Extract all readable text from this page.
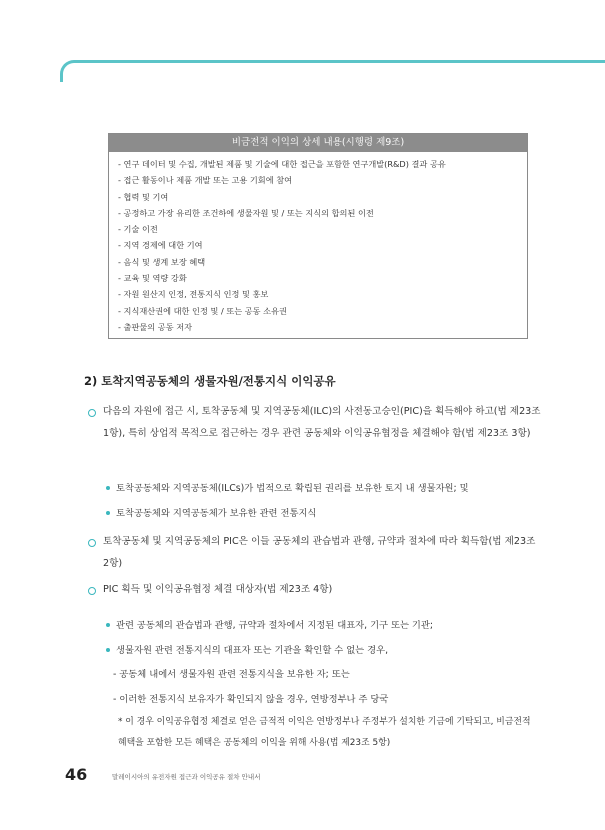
비금전적 이익의 상세 내용(시행령 제9조)
- 연구 데이터 및 수집, 개발된 제품 및 기술에 대한 접근을 포함한 연구개발(R&D) 결과 공유
- 접근 활동이나 제품 개발 또는 고용 기회에 참여
- 협력 및 기여
- 공정하고 가장 유리한 조건하에 생물자원 및 / 또는 지식의 합의된 이전
- 기술 이전
- 지역 경제에 대한 기여
- 음식 및 생계 보장 혜택
- 교육 및 역량 강화
- 자원 원산지 인정, 전통지식 인정 및 홍보
- 지식재산권에 대한 인정 및 / 또는 공동 소유권
- 출판물의 공동 저자
2) 토착지역공동체의 생물자원/전통지식 이익공유
다음의 자원에 접근 시, 토착공동체 및 지역공동체(ILC)의 사전동고승인(PIC)을 획득해야 하고(법 제23조 1항), 특히 상업적 목적으로 접근하는 경우 관련 공동체와 이익공유협정을 체결해야 함(법 제23조 3항)
토착공동체와 지역공동체(ILCs)가 법적으로 확립된 권리를 보유한 토지 내 생물자원; 및
토착공동체와 지역공동체가 보유한 관련 전통지식
토착공동체 및 지역공동체의 PIC은 이들 공동체의 관습법과 관행, 규약과 절차에 따라 획득함(법 제23조 2항)
PIC 획득 및 이익공유협정 체결 대상자(법 제23조 4항)
관련 공동체의 관습법과 관행, 규약과 절차에서 지정된 대표자, 기구 또는 기관;
생물자원 관련 전통지식의 대표자 또는 기관을 확인할 수 없는 경우,
- 공동체 내에서 생물자원 관련 전통지식을 보유한 자; 또는
- 이러한 전통지식 보유자가 확인되지 않을 경우, 연방정부나 주 당국
* 이 경우 이익공유협정 체결로 얻은 금적적 이익은 연방정부나 주정부가 설치한 기금에 기탁되고, 비금전적 혜택을 포함한 모든 혜택은 공동체의 이익을 위해 사용(법 제23조 5항)
46	말레이시아의 유전자원 접근과 이익공유 절차 안내서
